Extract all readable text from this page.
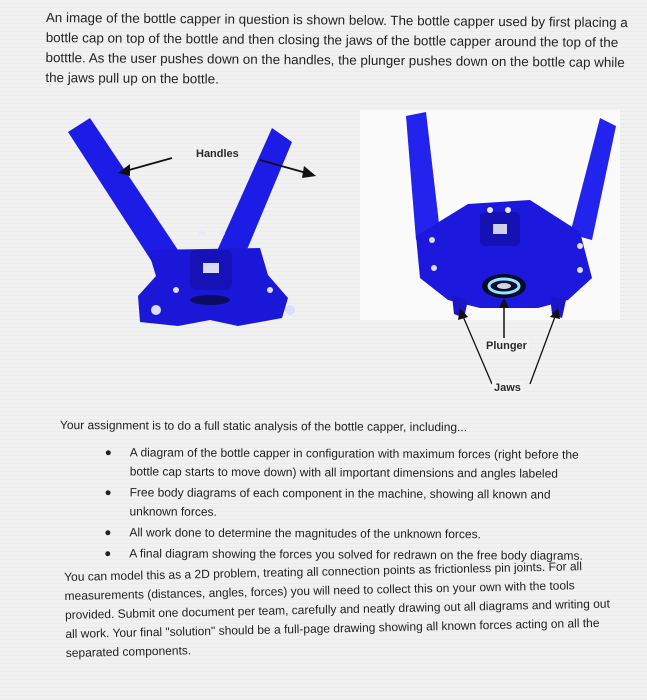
An image of the bottle capper in question is shown below. The bottle capper used by first placing a bottle cap on top of the bottle and then closing the jaws of the bottle capper around the top of the botttle. As the user pushes down on the handles, the plunger pushes down on the bottle cap while the jaws pull up on the bottle.

Handles
Plunger
Jaws

Your assignment is to do a full static analysis of the bottle capper, including...

A diagram of the bottle capper in configuration with maximum forces (right before the bottle cap starts to move down) with all important dimensions and angles labeled
Free body diagrams of each component in the machine, showing all known and unknown forces.
All work done to determine the magnitudes of the unknown forces.
A final diagram showing the forces you solved for redrawn on the free body diagrams.

You can model this as a 2D problem, treating all connection points as frictionless pin joints. For all measurements (distances, angles, forces) you will need to collect this on your own with the tools provided. Submit one document per team, carefully and neatly drawing out all diagrams and writing out all work. Your final "solution" should be a full-page drawing showing all known forces acting on all the separated components.
